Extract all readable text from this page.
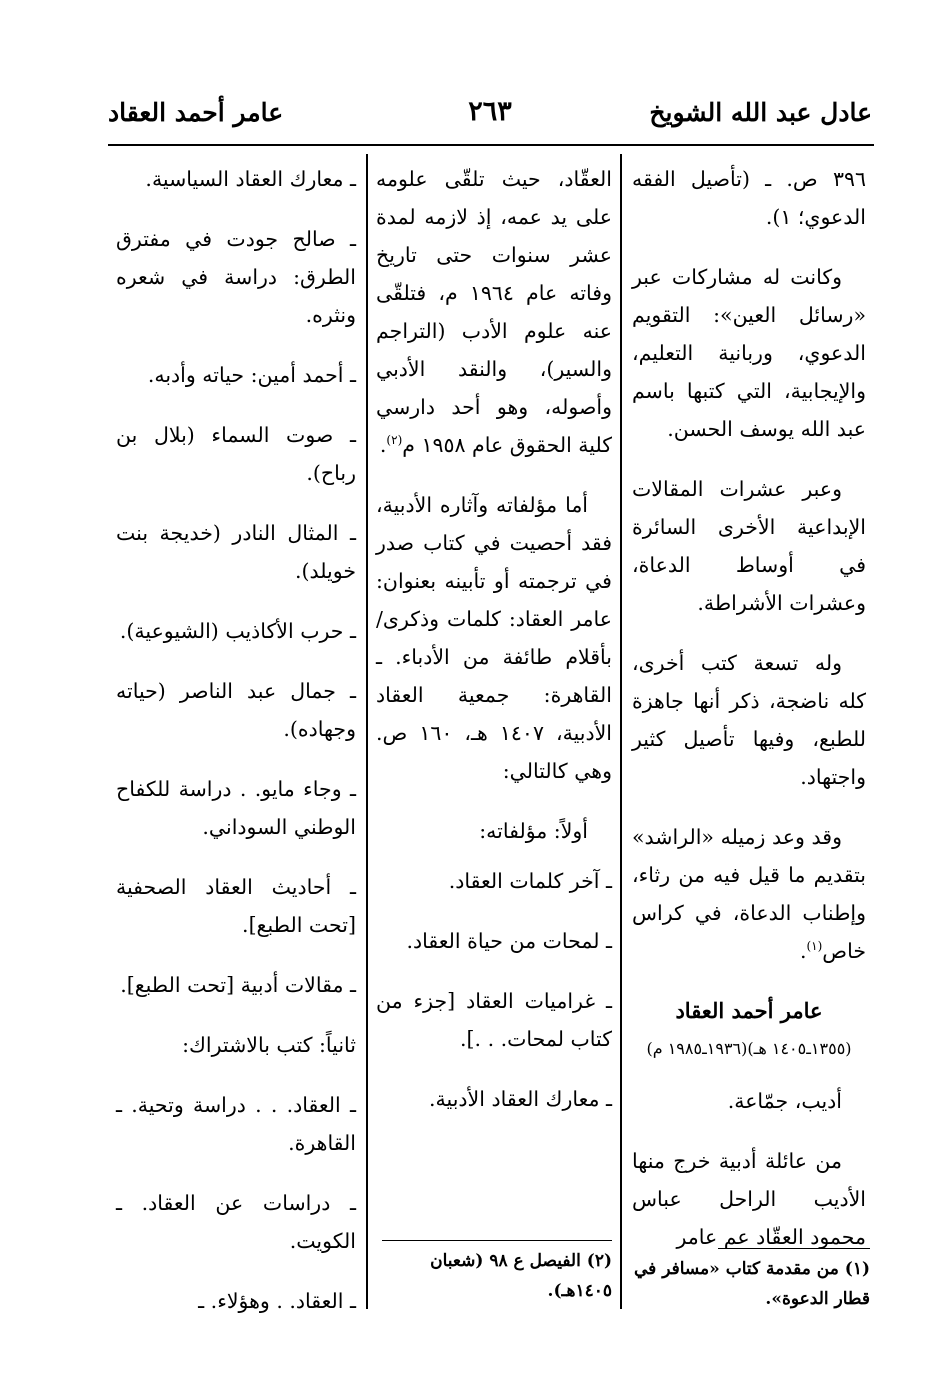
عادل عبد الله الشويخ
٢٦٣
عامر أحمد العقاد

٣٩٦ ص. ـ (تأصيل الفقه الدعوي؛ ١).

وكانت له مشاركات عبر «رسائل العين»: التقويم الدعوي، وربانية التعليم، والإيجابية، التي كتبها باسم عبد الله يوسف الحسن.

وعبر عشرات المقالات الإبداعية الأخرى السائرة في أوساط الدعاة، وعشرات الأشراطة.

وله تسعة كتب أخرى، كله ناضجة، ذكر أنها جاهزة للطبع، وفيها تأصيل كثير واجتهاد.

وقد وعد زميله «الراشد» بتقديم ما قيل فيه من رثاء، وإطناب الدعاة، في كراس خاص$^{(١)}$.

عامر أحمد العقاد
(١٣٥٥ـ١٤٠٥ هـ)(١٩٣٦ـ١٩٨٥ م)

أديب، جمّاعة.

من عائلة أدبية خرج منها الأديب الراحل عباس محمود العقّاد عم عامر

(١) من مقدمة كتاب «مسافر في قطار الدعوة».

العقّاد، حيث تلقّى علومه على يد عمه، إذ لازمه لمدة عشر سنوات حتى تاريخ وفاته عام ١٩٦٤ م، فتلقّى عنه علوم الأدب (التراجم والسير)، والنقد الأدبي وأصوله، وهو أحد دارسي كلية الحقوق عام ١٩٥٨ م$^{(٢)}$.

أما مؤلفاته وآثاره الأدبية، فقد أحصيت في كتاب صدر في ترجمته أو تأبينه بعنوان: عامر العقاد: كلمات وذكرى/ بأقلام طائفة من الأدباء. ـ القاهرة: جمعية العقاد الأدبية، ١٤٠٧ هـ، ١٦٠ ص. وهي كالتالي:

أولاً: مؤلفاته:

ـ آخر كلمات العقاد.

ـ لمحات من حياة العقاد.

ـ غراميات العقاد [جزء من كتاب لمحات. . .].

ـ معارك العقاد الأدبية.

(٢) الفيصل ع ٩٨ (شعبان ١٤٠٥هـ).

ـ معارك العقاد السياسية.

ـ صالح جودت في مفترق الطرق: دراسة في شعره ونثره.

ـ أحمد أمين: حياته وأدبه.

ـ صوت السماء (بلال بن رباح).

ـ المثال النادر (خديجة بنت خويلد).

ـ حرب الأكاذيب (الشيوعية).

ـ جمال عبد الناصر (حياته وجهاده).

ـ وجاء مايو. . دراسة للكفاح الوطني السوداني.

ـ أحاديث العقاد الصحفية [تحت الطبع].

ـ مقالات أدبية [تحت الطبع].

ثانياً: كتب بالاشتراك:

ـ العقاد. . . دراسة وتحية. ـ القاهرة.

ـ دراسات عن العقاد. ـ الكويت.

ـ العقاد. . وهؤلاء. ـ
